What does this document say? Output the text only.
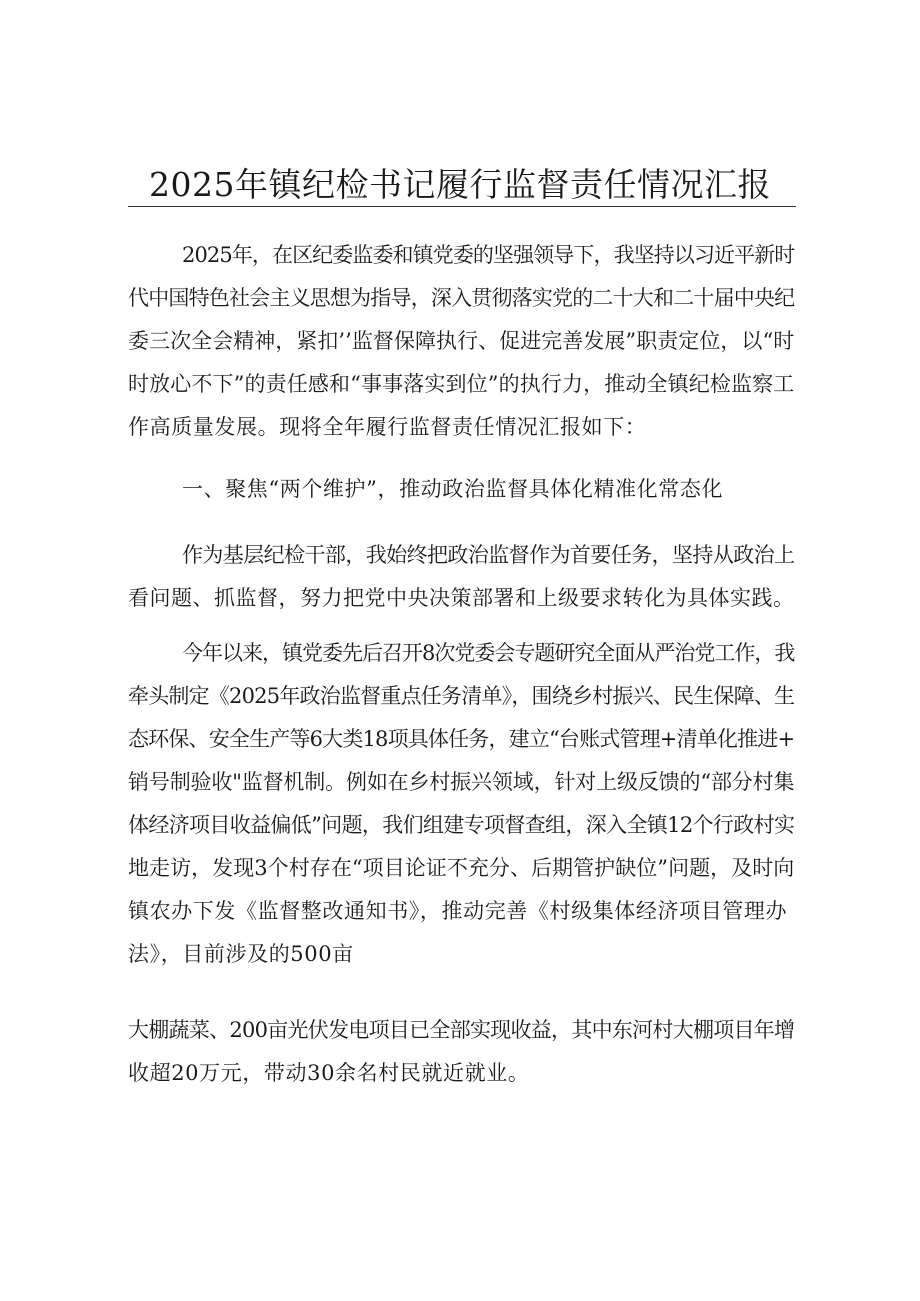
2025年镇纪检书记履行监督责任情况汇报
2025年，在区纪委监委和镇党委的坚强领导下，我坚持以习近平新时
代中国特色社会主义思想为指导，深入贯彻落实党的二十大和二十届中央纪
委三次全会精神，紧扣’’监督保障执行、促进完善发展”职责定位，以“时
时放心不下”的责任感和“事事落实到位”的执行力，推动全镇纪检监察工
作高质量发展。现将全年履行监督责任情况汇报如下：
一、聚焦“两个维护”，推动政治监督具体化精准化常态化
作为基层纪检干部，我始终把政治监督作为首要任务，坚持从政治上
看问题、抓监督，努力把党中央决策部署和上级要求转化为具体实践。
今年以来，镇党委先后召开8次党委会专题研究全面从严治党工作，我
牵头制定《2025年政治监督重点任务清单》，围绕乡村振兴、民生保障、生
态环保、安全生产等6大类18项具体任务，建立“台账式管理+清单化推进+
销号制验收"监督机制。例如在乡村振兴领域，针对上级反馈的“部分村集
体经济项目收益偏低”问题，我们组建专项督查组，深入全镇12个行政村实
地走访，发现3个村存在“项目论证不充分、后期管护缺位”问题，及时向
镇农办下发《监督整改通知书》，推动完善《村级集体经济项目管理办
法》，目前涉及的500亩
大棚蔬菜、200亩光伏发电项目已全部实现收益，其中东河村大棚项目年增
收超20万元，带动30余名村民就近就业。
